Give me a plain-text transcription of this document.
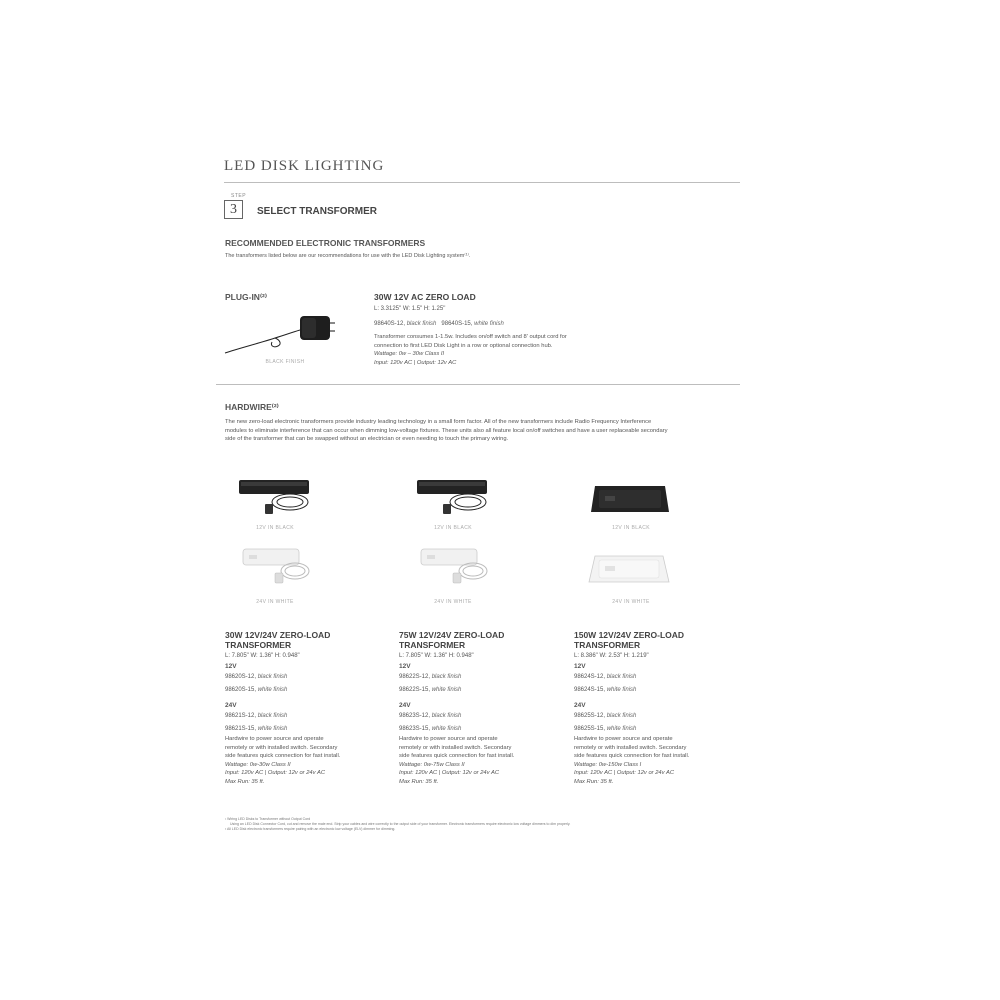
LED DISK LIGHTING
STEP
3	SELECT TRANSFORMER
RECOMMENDED ELECTRONIC TRANSFORMERS
The transformers listed below are our recommendations for use with the LED Disk Lighting system⁽¹⁾.
PLUG-IN⁽²⁾
BLACK FINISH
30W 12V AC ZERO LOAD
L: 3.3125" W: 1.5" H: 1.25"
98640S-12, black finish 98640S-15, white finish
Transformer consumes 1-1.5w. Includes on/off switch and 8' output cord for
connection to first LED Disk Light in a row or optional connection hub.
Wattage: 0w – 30w Class II
Input: 120v AC | Output: 12v AC
HARDWIRE⁽²⁾
The new zero-load electronic transformers provide industry leading technology in a small form factor. All of the new transformers include Radio Frequency Interference
modules to eliminate interference that can occur when dimming low-voltage fixtures. These units also all feature local on/off switches and have a user replaceable secondary
side of the transformer that can be swapped without an electrician or even needing to touch the primary wiring.
12V IN BLACK
24V IN WHITE
12V IN BLACK
24V IN WHITE
12V IN BLACK
24V IN WHITE
30W 12V/24V ZERO-LOAD
TRANSFORMER
L: 7.805" W: 1.36" H: 0.948"
12V
98620S-12, black finish
98620S-15, white finish
24V
98621S-12, black finish
98621S-15, white finish
Hardwire to power source and operate
remotely or with installed switch. Secondary
side features quick connection for fast install.
Wattage: 0w-30w Class II
Input: 120v AC | Output: 12v or 24v AC
Max Run: 35 ft.
75W 12V/24V ZERO-LOAD
TRANSFORMER
L: 7.805" W: 1.36" H: 0.948"
12V
98622S-12, black finish
98622S-15, white finish
24V
98623S-12, black finish
98623S-15, white finish
Hardwire to power source and operate
remotely or with installed switch. Secondary
side features quick connection for fast install.
Wattage: 0w-75w Class II
Input: 120v AC | Output: 12v or 24v AC
Max Run: 35 ft.
150W 12V/24V ZERO-LOAD
TRANSFORMER
L: 8.386" W: 2.53" H: 1.219"
12V
98624S-12, black finish
98624S-15, white finish
24V
98625S-12, black finish
98625S-15, white finish
Hardwire to power source and operate
remotely or with installed switch. Secondary
side features quick connection for fast install.
Wattage: 0w-150w Class I
Input: 120v AC | Output: 12v or 24v AC
Max Run: 35 ft.
¹ Wiring LED Disks to Transformer without Output Cord
Using an LED Disk Connector Cord, cut and remove the male end. Strip your cables and wire correctly to the output side of your transformer. Electronic transformers require electronic low voltage dimmers to dim properly.
² All LED Disk electronic transformers require pairing with an electronic low voltage (ELV) dimmer for dimming.
